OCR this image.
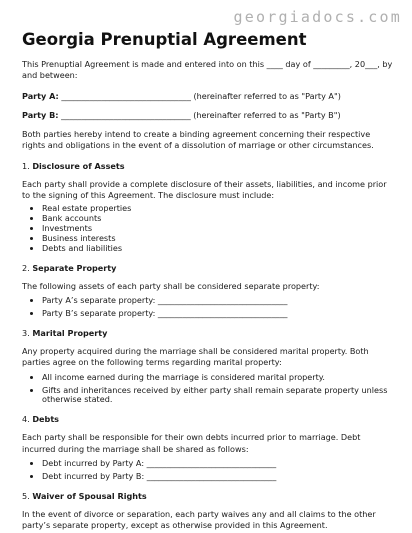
georgiadocs.com
Georgia Prenuptial Agreement

This Prenuptial Agreement is made and entered into on this ____ day of _________, 20___, by and between:

Party A: ________________________________ (hereinafter referred to as "Party A")

Party B: ________________________________ (hereinafter referred to as "Party B")

Both parties hereby intend to create a binding agreement concerning their respective rights and obligations in the event of a dissolution of marriage or other circumstances.

1. Disclosure of Assets

Each party shall provide a complete disclosure of their assets, liabilities, and income prior to the signing of this Agreement. The disclosure must include:

• Real estate properties
• Bank accounts
• Investments
• Business interests
• Debts and liabilities

2. Separate Property

The following assets of each party shall be considered separate property:

• Party A’s separate property: ________________________________
• Party B’s separate property: ________________________________

3. Marital Property

Any property acquired during the marriage shall be considered marital property. Both parties agree on the following terms regarding marital property:

• All income earned during the marriage is considered marital property.
• Gifts and inheritances received by either party shall remain separate property unless otherwise stated.

4. Debts

Each party shall be responsible for their own debts incurred prior to marriage. Debt incurred during the marriage shall be shared as follows:

• Debt incurred by Party A: ________________________________
• Debt incurred by Party B: ________________________________

5. Waiver of Spousal Rights

In the event of divorce or separation, each party waives any and all claims to the other party’s separate property, except as otherwise provided in this Agreement.
